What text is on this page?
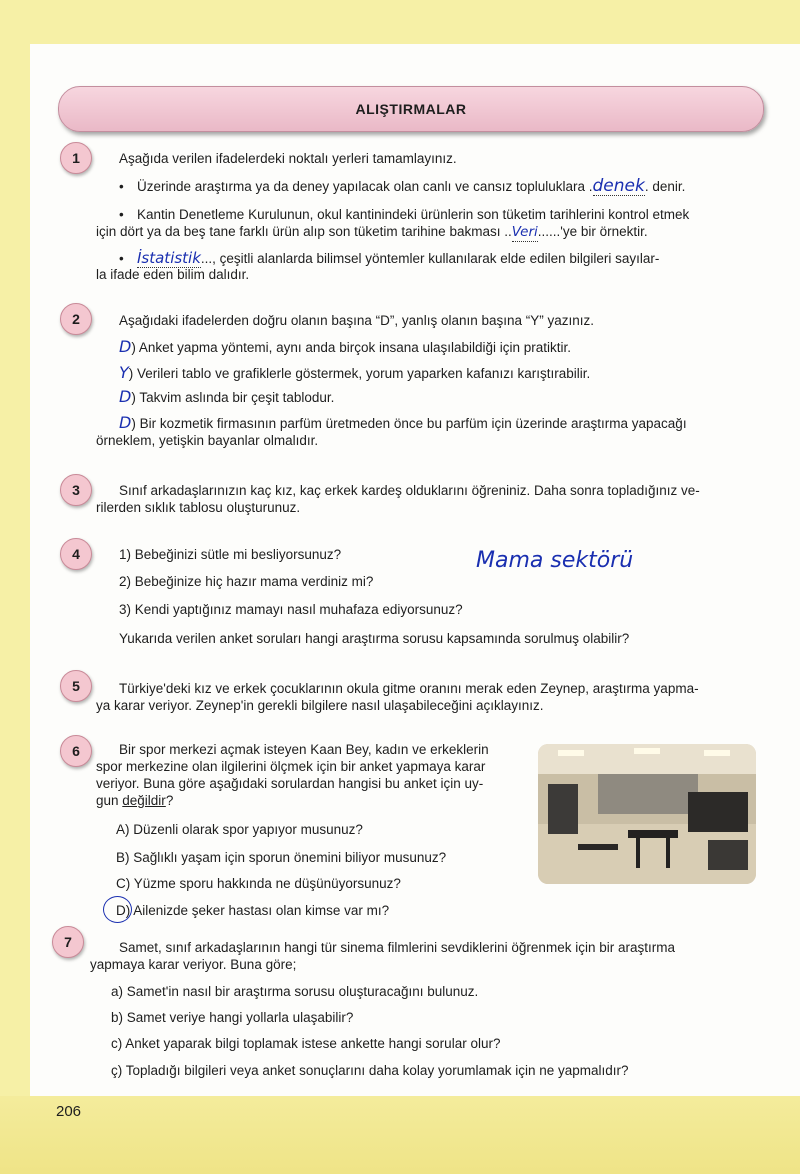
ALIŞTIRMALAR
1	Aşağıda verilen ifadelerdeki noktalı yerleri tamamlayınız.
• Üzerinde araştırma ya da deney yapılacak olan canlı ve cansız topluluklara .denek. denir.
• Kantin Denetleme Kurulunun, okul kantinindeki ürünlerin son tüketim tarihlerini kontrol etmek
için dört ya da beş tane farklı ürün alıp son tüketim tarihine bakması ..Veri......'ye bir örnektir.
• İstatistik..., çeşitli alanlarda bilimsel yöntemler kullanılarak elde edilen bilgileri sayılar-
la ifade eden bilim dalıdır.
2	Aşağıdaki ifadelerden doğru olanın başına “D”, yanlış olanın başına “Y” yazınız.
D) Anket yapma yöntemi, aynı anda birçok insana ulaşılabildiği için pratiktir.
Y) Verileri tablo ve grafiklerle göstermek, yorum yaparken kafanızı karıştırabilir.
D) Takvim aslında bir çeşit tablodur.
D) Bir kozmetik firmasının parfüm üretmeden önce bu parfüm için üzerinde araştırma yapacağı
örneklem, yetişkin bayanlar olmalıdır.
3	Sınıf arkadaşlarınızın kaç kız, kaç erkek kardeş olduklarını öğreniniz. Daha sonra topladığınız ve-
rilerden sıklık tablosu oluşturunuz.
4	1) Bebeğinizi sütle mi besliyorsunuz?
2) Bebeğinize hiç hazır mama verdiniz mi?
3) Kendi yaptığınız mamayı nasıl muhafaza ediyorsunuz?
Yukarıda verilen anket soruları hangi araştırma sorusu kapsamında sorulmuş olabilir?
Mama sektörü
5	Türkiye'deki kız ve erkek çocuklarının okula gitme oranını merak eden Zeynep, araştırma yapma-
ya karar veriyor. Zeynep'in gerekli bilgilere nasıl ulaşabileceğini açıklayınız.
6	Bir spor merkezi açmak isteyen Kaan Bey, kadın ve erkeklerin
spor merkezine olan ilgilerini ölçmek için bir anket yapmaya karar
veriyor. Buna göre aşağıdaki sorulardan hangisi bu anket için uy-
gun değildir?
A) Düzenli olarak spor yapıyor musunuz?
B) Sağlıklı yaşam için sporun önemini biliyor musunuz?
C) Yüzme sporu hakkında ne düşünüyorsunuz?
D) Ailenizde şeker hastası olan kimse var mı?
7	Samet, sınıf arkadaşlarının hangi tür sinema filmlerini sevdiklerini öğrenmek için bir araştırma
yapmaya karar veriyor. Buna göre;
a) Samet'in nasıl bir araştırma sorusu oluşturacağını bulunuz.
b) Samet veriye hangi yollarla ulaşabilir?
c) Anket yaparak bilgi toplamak istese ankette hangi sorular olur?
ç) Topladığı bilgileri veya anket sonuçlarını daha kolay yorumlamak için ne yapmalıdır?
206
